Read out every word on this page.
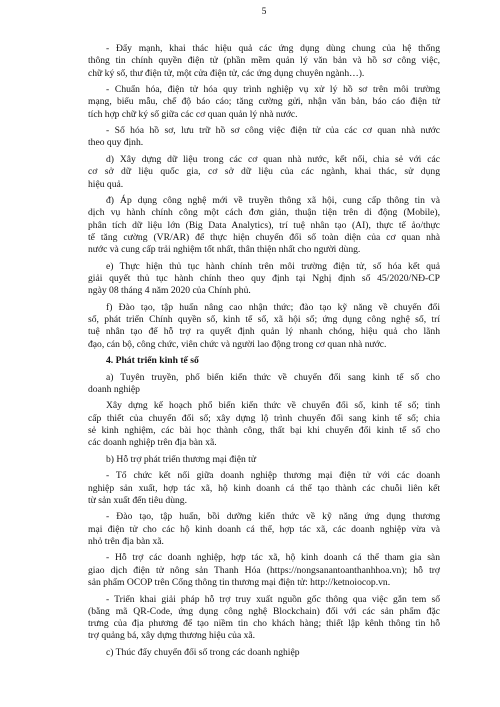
5
- Đẩy mạnh, khai thác hiệu quả các ứng dụng dùng chung của hệ thống
thông tin chính quyền điện tử (phần mềm quản lý văn bản và hồ sơ công việc,
chữ ký số, thư điện tử, một cửa điện tử, các ứng dụng chuyên ngành…).
- Chuẩn hóa, điện tử hóa quy trình nghiệp vụ xử lý hồ sơ trên môi trường
mạng, biểu mẫu, chế độ báo cáo; tăng cường gửi, nhận văn bản, báo cáo điện tử
tích hợp chữ ký số giữa các cơ quan quản lý nhà nước.
- Số hóa hồ sơ, lưu trữ hồ sơ công việc điện tử của các cơ quan nhà nước
theo quy định.
d) Xây dựng dữ liệu trong các cơ quan nhà nước, kết nối, chia sẻ với các
cơ sở dữ liệu quốc gia, cơ sở dữ liệu của các ngành, khai thác, sử dụng
hiệu quả.
đ) Áp dụng công nghệ mới về truyền thông xã hội, cung cấp thông tin và
dịch vụ hành chính công một cách đơn giản, thuận tiện trên di động (Mobile),
phân tích dữ liệu lớn (Big Data Analytics), trí tuệ nhân tạo (AI), thực tế ảo/thực
tế tăng cường (VR/AR) để thực hiện chuyển đổi số toàn diện của cơ quan nhà
nước và cung cấp trải nghiệm tốt nhất, thân thiện nhất cho người dùng.
e) Thực hiện thủ tục hành chính trên môi trường điện tử, số hóa kết quả
giải quyết thủ tục hành chính theo quy định tại Nghị định số 45/2020/NĐ-CP
ngày 08 tháng 4 năm 2020 của Chính phủ.
f) Đào tạo, tập huấn nâng cao nhận thức; đào tạo kỹ năng về chuyển đổi
số, phát triển Chính quyền số, kinh tế số, xã hội số; ứng dụng công nghệ số, trí
tuệ nhân tạo để hỗ trợ ra quyết định quản lý nhanh chóng, hiệu quả cho lãnh
đạo, cán bộ, công chức, viên chức và người lao động trong cơ quan nhà nước.
4. Phát triển kinh tế số
a) Tuyên truyền, phổ biến kiến thức về chuyển đổi sang kinh tế số cho
doanh nghiệp
Xây dựng kế hoạch phổ biến kiến thức về chuyển đổi số, kinh tế số; tinh
cấp thiết của chuyển đổi số; xây dựng lộ trình chuyển đổi sang kinh tế số; chia
sẻ kinh nghiệm, các bài học thành công, thất bại khi chuyển đổi kinh tế số cho
các doanh nghiệp trên địa bàn xã.
b) Hỗ trợ phát triển thương mại điện tử
- Tổ chức kết nối giữa doanh nghiệp thương mại điện tử với các doanh
nghiệp sản xuất, hợp tác xã, hộ kinh doanh cá thể tạo thành các chuỗi liên kết
từ sản xuất đến tiêu dùng.
- Đào tạo, tập huấn, bồi dưỡng kiến thức về kỹ năng ứng dụng thương
mại điện tử cho các hộ kinh doanh cá thể, hợp tác xã, các doanh nghiệp vừa và
nhỏ trên địa bàn xã.
- Hỗ trợ các doanh nghiệp, hợp tác xã, hộ kinh doanh cá thể tham gia sàn
giao dịch điện tử nông sản Thanh Hóa (https://nongsanantoanthanhhoa.vn); hỗ trợ
sản phẩm OCOP trên Cổng thông tin thương mại điện tử: http://ketnoiocop.vn.
- Triển khai giải pháp hỗ trợ truy xuất nguồn gốc thông qua việc gắn tem số
(bằng mã QR-Code, ứng dụng công nghệ Blockchain) đối với các sản phẩm đặc
trưng của địa phương để tạo niềm tin cho khách hàng; thiết lập kênh thông tin hỗ
trợ quảng bá, xây dựng thương hiệu của xã.
c) Thúc đẩy chuyển đổi số trong các doanh nghiệp
